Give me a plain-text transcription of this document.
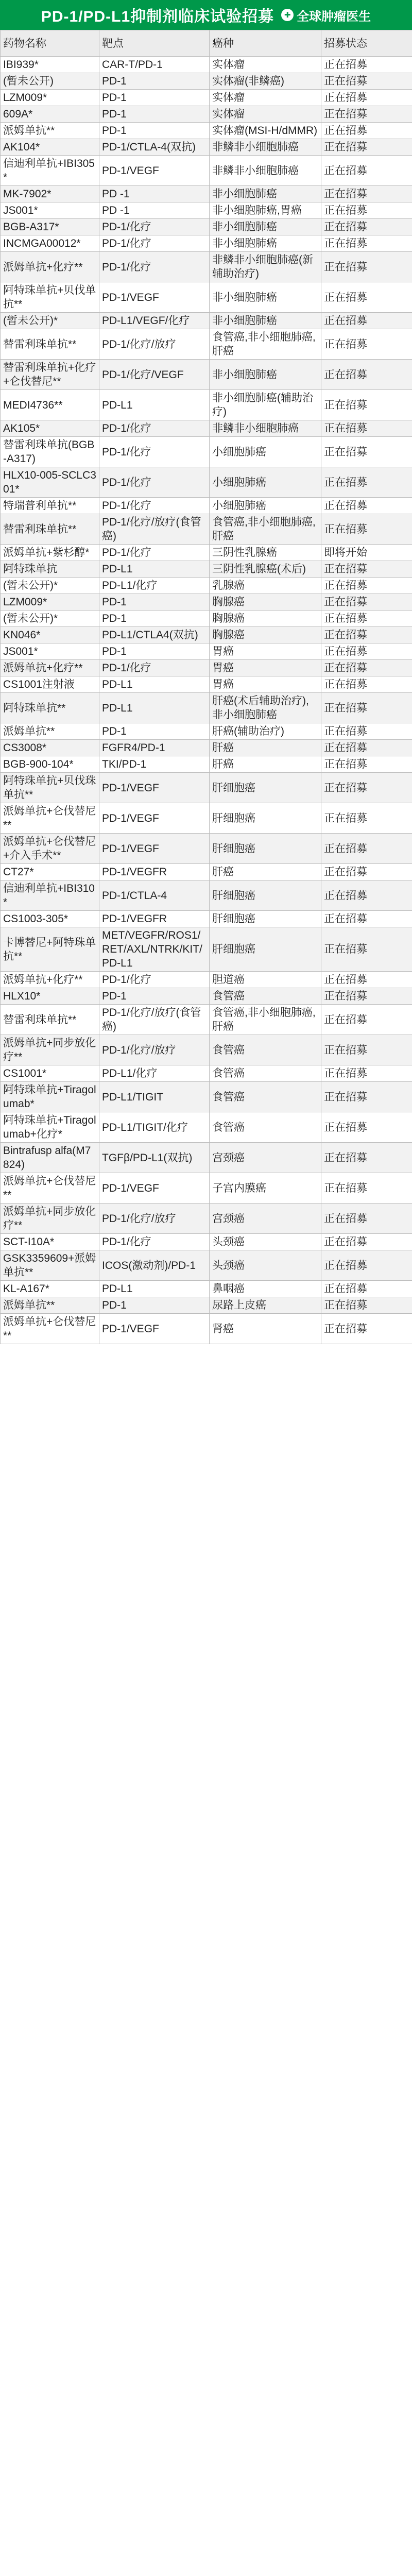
PD-1/PD-L1抑制剂临床试验招募	✚ 全球肿瘤医生
药物名称	靶点	癌种	招募状态
IBI939*	CAR-T/PD-1	实体瘤	正在招募
(暂未公开)	PD-1	实体瘤(非鳞癌)	正在招募
LZM009*	PD-1	实体瘤	正在招募
609A*	PD-1	实体瘤	正在招募
派姆单抗**	PD-1	实体瘤(MSI-H/dMMR)	正在招募
AK104*	PD-1/CTLA-4(双抗)	非鳞非小细胞肺癌	正在招募
信迪利单抗+IBI305*	PD-1/VEGF	非鳞非小细胞肺癌	正在招募
MK-7902*	PD -1	非小细胞肺癌	正在招募
JS001*	PD -1	非小细胞肺癌,胃癌	正在招募
BGB-A317*	PD-1/化疗	非小细胞肺癌	正在招募
INCMGA00012*	PD-1/化疗	非小细胞肺癌	正在招募
派姆单抗+化疗**	PD-1/化疗	非鳞非小细胞肺癌(新辅助治疗)	正在招募
阿特珠单抗+贝伐单抗**	PD-1/VEGF	非小细胞肺癌	正在招募
(暂未公开)*	PD-L1/VEGF/化疗	非小细胞肺癌	正在招募
替雷利珠单抗**	PD-1/化疗/放疗	食管癌,非小细胞肺癌,肝癌	正在招募
替雷利珠单抗+化疗+仑伐替尼**	PD-1/化疗/VEGF	非小细胞肺癌	正在招募
MEDI4736**	PD-L1	非小细胞肺癌(辅助治疗)	正在招募
AK105*	PD-1/化疗	非鳞非小细胞肺癌	正在招募
替雷利珠单抗(BGB-A317)	PD-1/化疗	小细胞肺癌	正在招募
HLX10-005-SCLC301*	PD-1/化疗	小细胞肺癌	正在招募
特瑞普利单抗**	PD-1/化疗	小细胞肺癌	正在招募
替雷利珠单抗**	PD-1/化疗/放疗(食管癌)	食管癌,非小细胞肺癌,肝癌	正在招募
派姆单抗+紫杉醇*	PD-1/化疗	三阴性乳腺癌	即将开始
阿特珠单抗	PD-L1	三阴性乳腺癌(术后)	正在招募
(暂未公开)*	PD-L1/化疗	乳腺癌	正在招募
LZM009*	PD-1	胸腺癌	正在招募
(暂未公开)*	PD-1	胸腺癌	正在招募
KN046*	PD-L1/CTLA4(双抗)	胸腺癌	正在招募
JS001*	PD-1	胃癌	正在招募
派姆单抗+化疗**	PD-1/化疗	胃癌	正在招募
CS1001注射液	PD-L1	胃癌	正在招募
阿特珠单抗**	PD-L1	肝癌(术后辅助治疗),非小细胞肺癌	正在招募
派姆单抗**	PD-1	肝癌(辅助治疗)	正在招募
CS3008*	FGFR4/PD-1	肝癌	正在招募
BGB-900-104*	TKI/PD-1	肝癌	正在招募
阿特珠单抗+贝伐珠单抗**	PD-1/VEGF	肝细胞癌	正在招募
派姆单抗+仑伐替尼**	PD-1/VEGF	肝细胞癌	正在招募
派姆单抗+仑伐替尼+介入手术**	PD-1/VEGF	肝细胞癌	正在招募
CT27*	PD-1/VEGFR	肝癌	正在招募
信迪利单抗+IBI310*	PD-1/CTLA-4	肝细胞癌	正在招募
CS1003-305*	PD-1/VEGFR	肝细胞癌	正在招募
卡博替尼+阿特珠单抗**	MET/VEGFR/ROS1/RET/AXL/NTRK/KIT/PD-L1	肝细胞癌	正在招募
派姆单抗+化疗**	PD-1/化疗	胆道癌	正在招募
HLX10*	PD-1	食管癌	正在招募
替雷利珠单抗**	PD-1/化疗/放疗(食管癌)	食管癌,非小细胞肺癌,肝癌	正在招募
派姆单抗+同步放化疗**	PD-1/化疗/放疗	食管癌	正在招募
CS1001*	PD-L1/化疗	食管癌	正在招募
阿特珠单抗+Tiragolumab*	PD-L1/TIGIT	食管癌	正在招募
阿特珠单抗+Tiragolumab+化疗*	PD-L1/TIGIT/化疗	食管癌	正在招募
Bintrafusp alfa(M7824)	TGFβ/PD-L1(双抗)	宫颈癌	正在招募
派姆单抗+仑伐替尼**	PD-1/VEGF	子宫内膜癌	正在招募
派姆单抗+同步放化疗**	PD-1/化疗/放疗	宫颈癌	正在招募
SCT-I10A*	PD-1/化疗	头颈癌	正在招募
GSK3359609+派姆单抗**	ICOS(激动剂)/PD-1	头颈癌	正在招募
KL-A167*	PD-L1	鼻咽癌	正在招募
派姆单抗**	PD-1	尿路上皮癌	正在招募
派姆单抗+仑伐替尼**	PD-1/VEGF	肾癌	正在招募
